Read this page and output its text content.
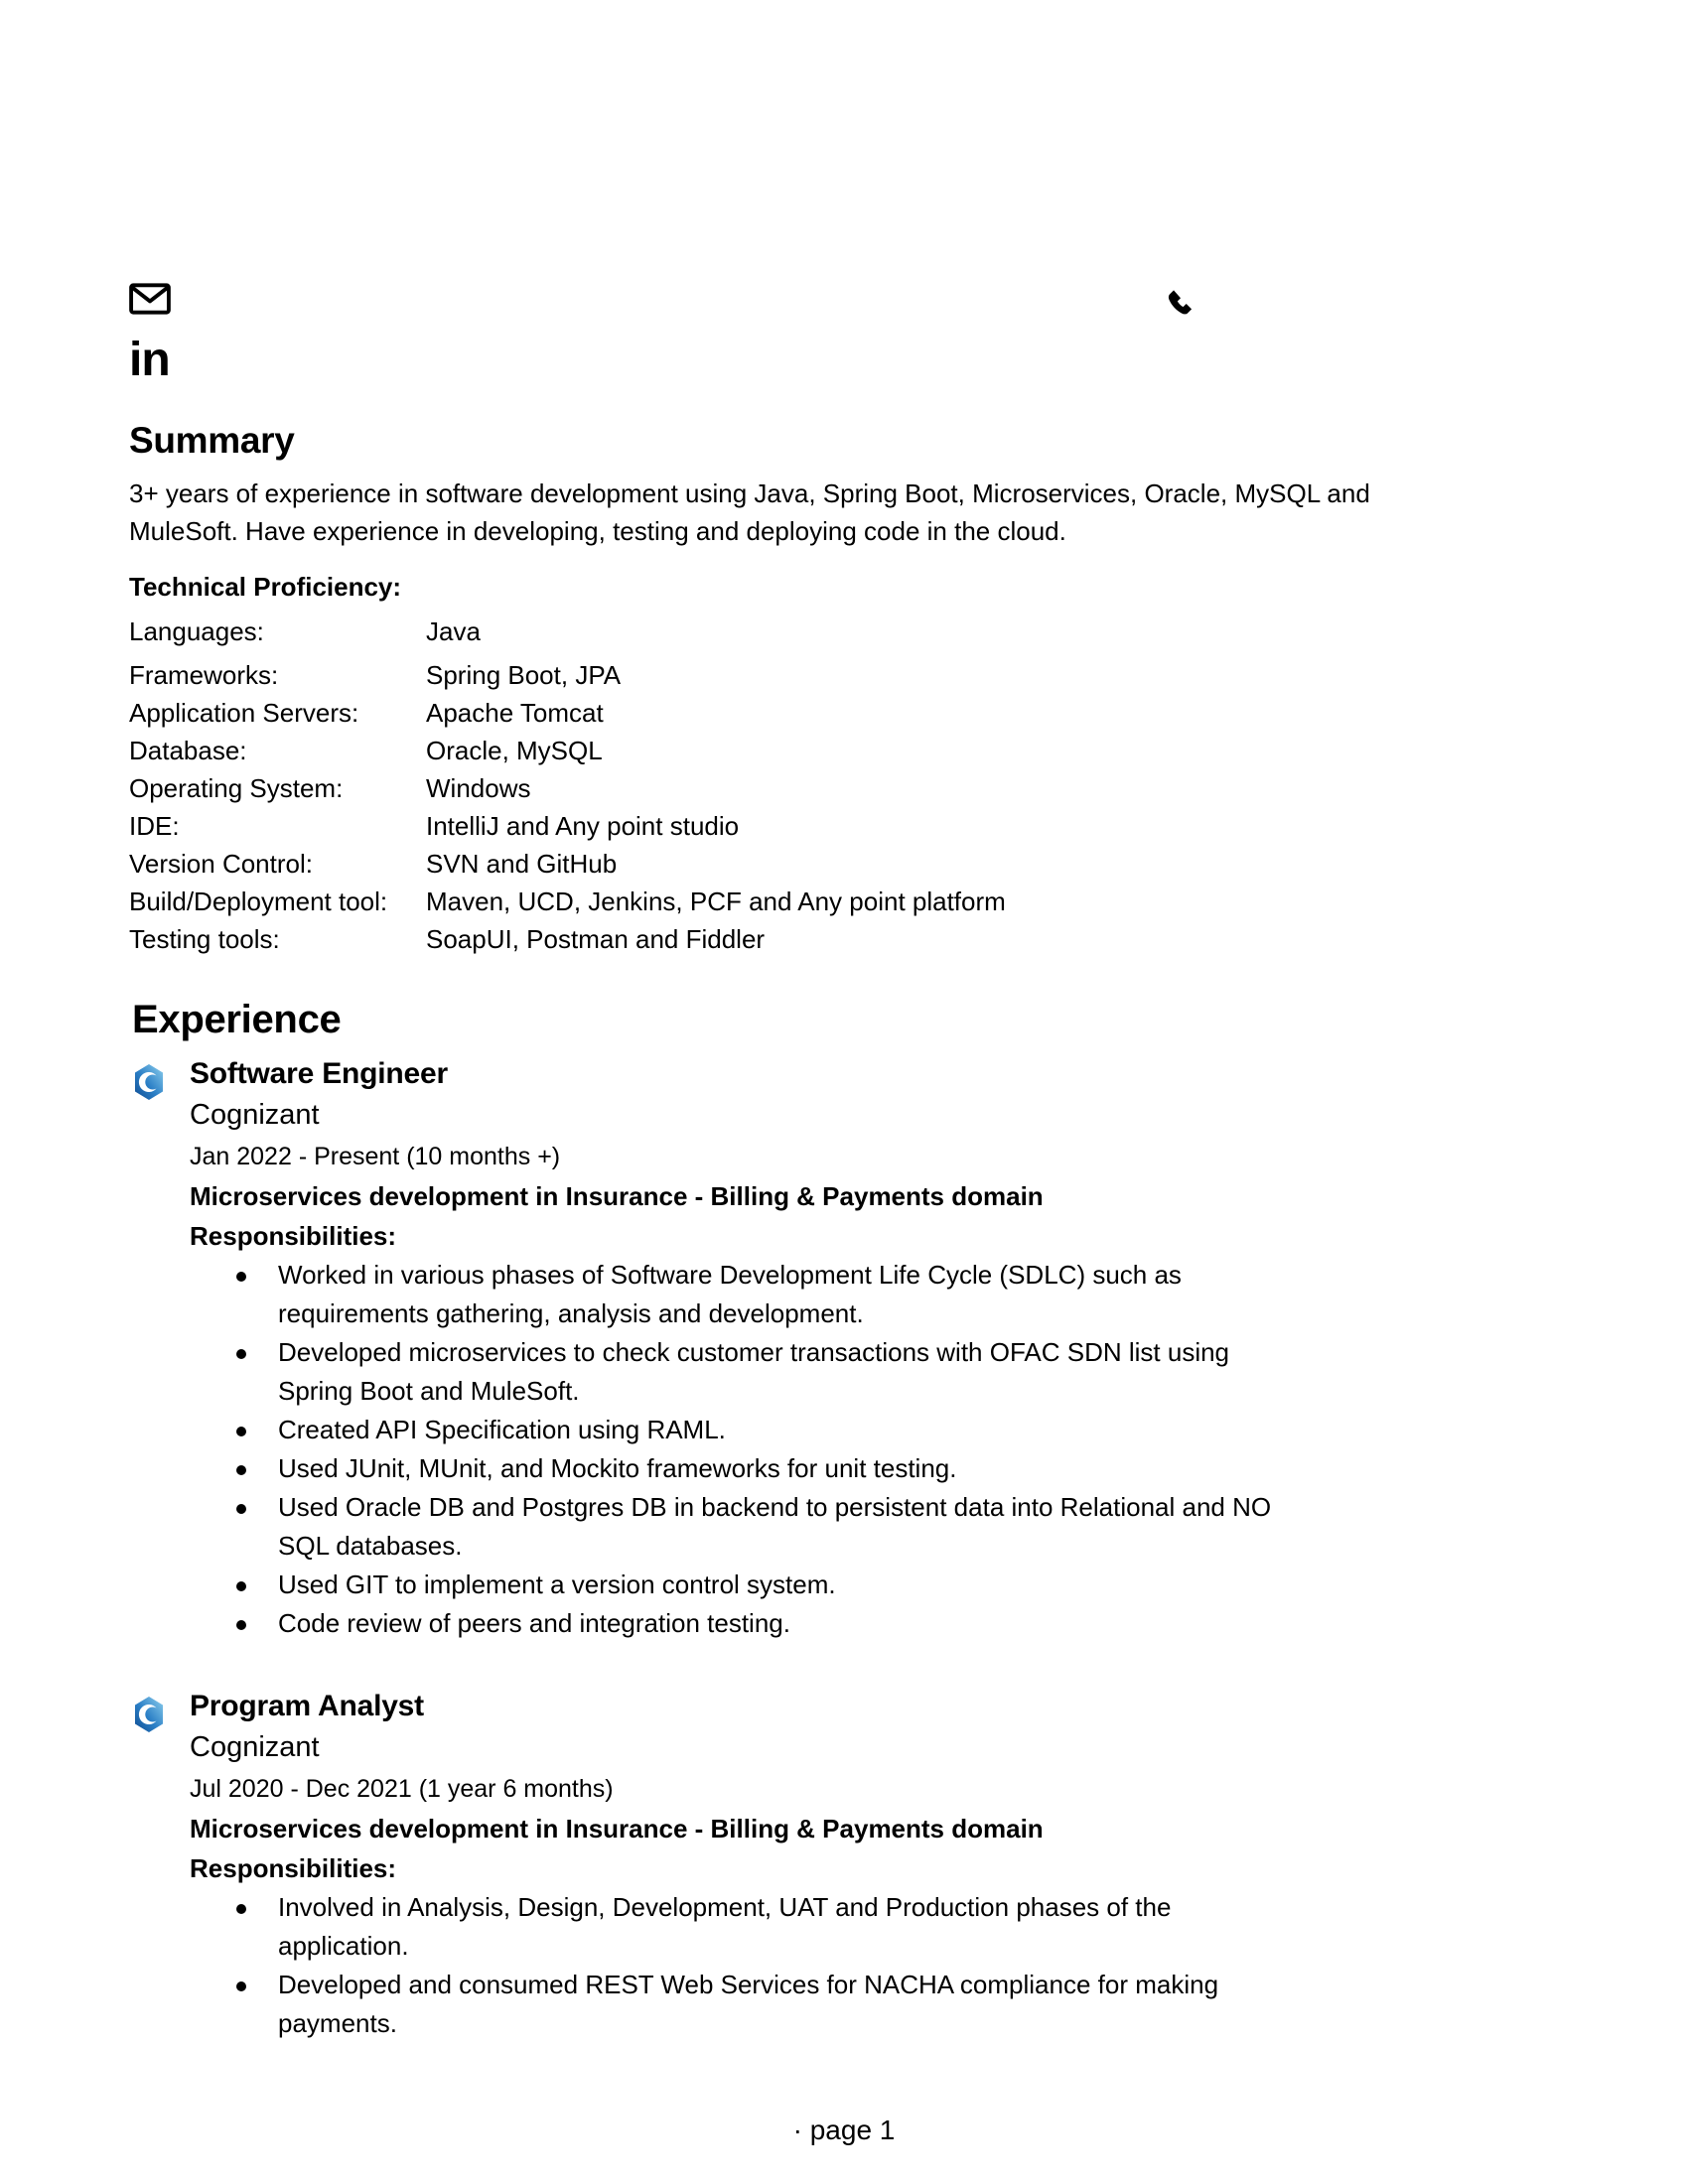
in
Summary
3+ years of experience in software development using Java, Spring Boot, Microservices, Oracle, MySQL and MuleSoft. Have experience in developing, testing and deploying code in the cloud.
Technical Proficiency:
Languages:	Java
Frameworks:	Spring Boot, JPA
Application Servers:	Apache Tomcat
Database:	Oracle, MySQL
Operating System:	Windows
IDE:	IntelliJ and Any point studio
Version Control:	SVN and GitHub
Build/Deployment tool:	Maven, UCD, Jenkins, PCF and Any point platform
Testing tools:	SoapUI, Postman and Fiddler
Experience

Software Engineer

Cognizant

Jan 2022 - Present (10 months +)

Microservices development in Insurance - Billing & Payments domain

Responsibilities:

Worked in various phases of Software Development Life Cycle (SDLC) such as requirements gathering, analysis and development.
Developed microservices to check customer transactions with OFAC SDN list using Spring Boot and MuleSoft.
Created API Specification using RAML.
Used JUnit, MUnit, and Mockito frameworks for unit testing.
Used Oracle DB and Postgres DB in backend to persistent data into Relational and NO SQL databases.
Used GIT to implement a version control system.
Code review of peers and integration testing.

Program Analyst

Cognizant

Jul 2020 - Dec 2021 (1 year 6 months)

Microservices development in Insurance - Billing & Payments domain

Responsibilities:

Involved in Analysis, Design, Development, UAT and Production phases of the application.
Developed and consumed REST Web Services for NACHA compliance for making payments.
· page 1
